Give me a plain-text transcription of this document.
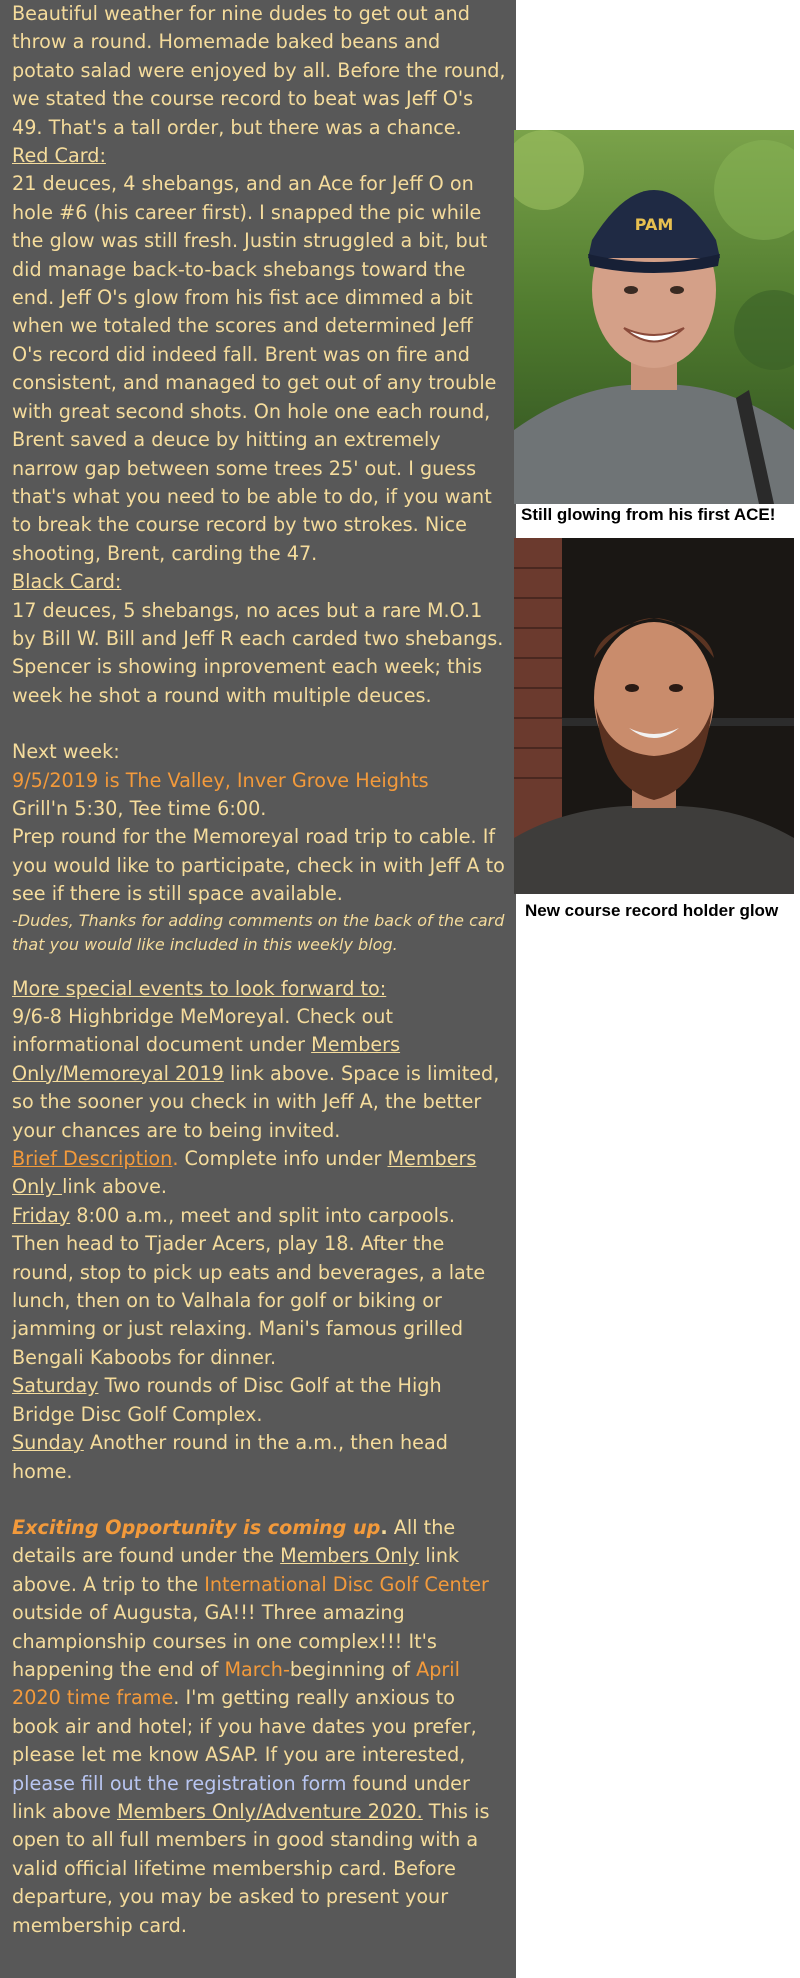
Beautiful weather for nine dudes to get out and throw a round. Homemade baked beans and potato salad were enjoyed by all. Before the round, we stated the course record to beat was Jeff O's 49. That's a tall order, but there was a chance.

Red Card:

21 deuces, 4 shebangs, and an Ace for Jeff O on hole #6 (his career first). I snapped the pic while the glow was still fresh. Justin struggled a bit, but did manage back-to-back shebangs toward the end. Jeff O's glow from his fist ace dimmed a bit when we totaled the scores and determined Jeff O's record did indeed fall. Brent was on fire and consistent, and managed to get out of any trouble with great second shots. On hole one each round, Brent saved a deuce by hitting an extremely narrow gap between some trees 25' out. I guess that's what you need to be able to do, if you want to break the course record by two strokes. Nice shooting, Brent, carding the 47.

Black Card:

17 deuces, 5 shebangs, no aces but a rare M.O.1 by Bill W. Bill and Jeff R each carded two shebangs. Spencer is showing inprovement each week; this week he shot a round with multiple deuces.

Next week:

9/5/2019 is The Valley, Inver Grove Heights

Grill'n 5:30, Tee time 6:00.

Prep round for the Memoreyal road trip to cable. If you would like to participate, check in with Jeff A to see if there is still space available.

-Dudes, Thanks for adding comments on the back of the card that you would like included in this weekly blog.

More special events to look forward to:

9/6-8 Highbridge MeMoreyal. Check out informational document under Members Only/Memoreyal 2019 link above. Space is limited, so the sooner you check in with Jeff A, the better your chances are to being invited.

Brief Description. Complete info under Members Only link above.

Friday 8:00 a.m., meet and split into carpools. Then head to Tjader Acers, play 18. After the round, stop to pick up eats and beverages, a late lunch, then on to Valhala for golf or biking or jamming or just relaxing. Mani's famous grilled Bengali Kaboobs for dinner.

Saturday Two rounds of Disc Golf at the High Bridge Disc Golf Complex.

Sunday Another round in the a.m., then head home.

Exciting Opportunity is coming up. All the details are found under the Members Only link above. A trip to the International Disc Golf Center outside of Augusta, GA!!! Three amazing championship courses in one complex!!! It's happening the end of March-beginning of April 2020 time frame. I'm getting really anxious to book air and hotel; if you have dates you prefer, please let me know ASAP. If you are interested, please fill out the registration form found under link above Members Only/Adventure 2020. This is open to all full members in good standing with a valid official lifetime membership card. Before departure, you may be asked to present your membership card.

PAM
Still glowing from his first ACE!
New course record holder glow
